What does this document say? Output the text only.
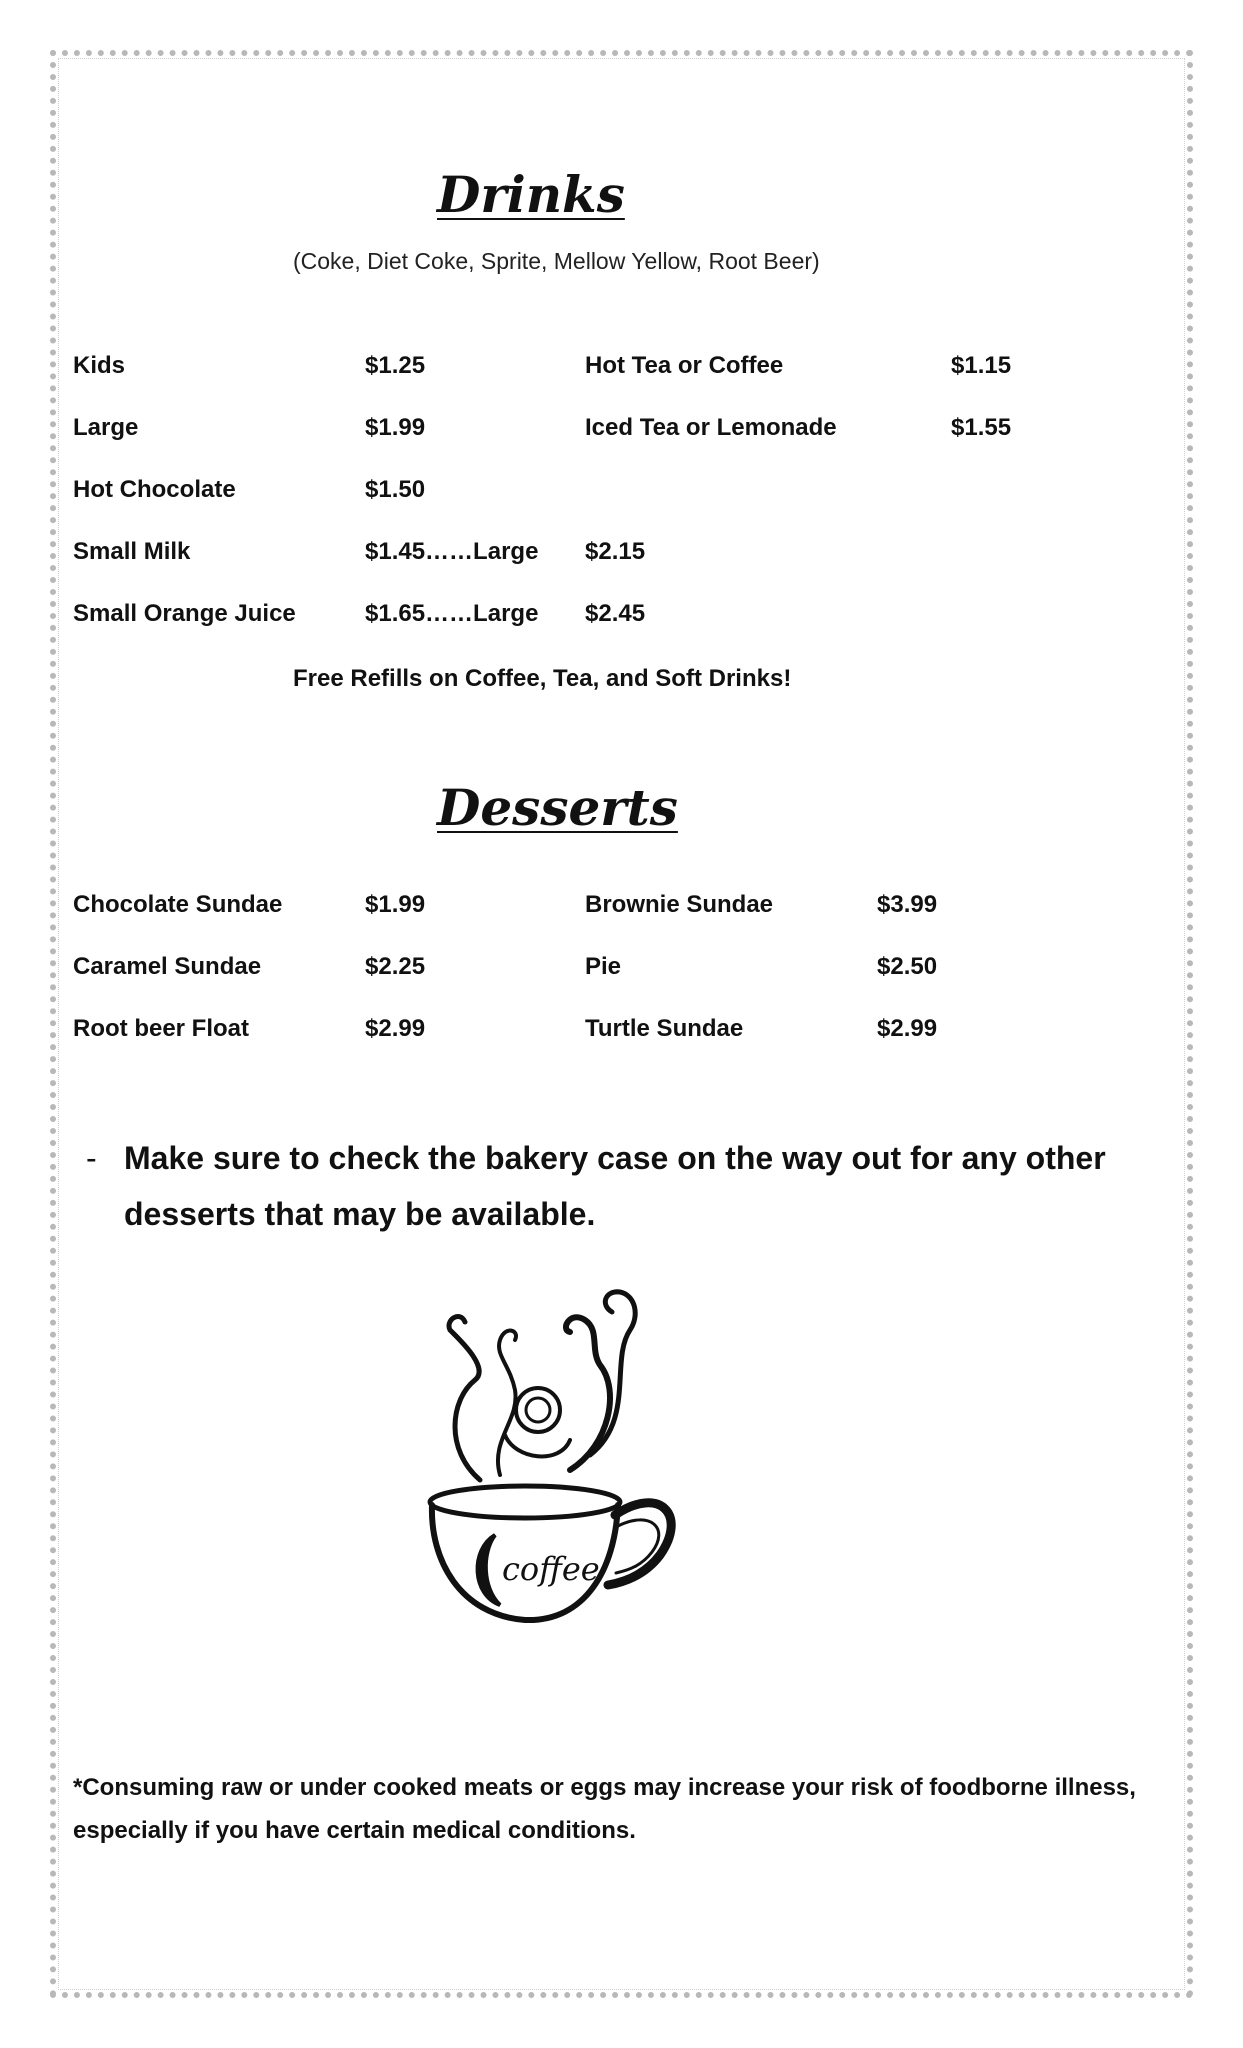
Drinks
(Coke, Diet Coke, Sprite, Mellow Yellow, Root Beer)
Kids	$1.25	Hot Tea or Coffee	$1.15
Large	$1.99	Iced Tea or Lemonade	$1.55
Hot Chocolate	$1.50
Small Milk	$1.45……Large $2.15
Small Orange Juice	$1.65……Large $2.45
Free Refills on Coffee, Tea, and Soft Drinks!
Desserts
Chocolate Sundae	$1.99	Brownie Sundae	$3.99
Caramel Sundae	$2.25	Pie	$2.50
Root beer Float	$2.99	Turtle Sundae	$2.99
- Make sure to check the bakery case on the way out for any other desserts that may be available.
coffee
*Consuming raw or under cooked meats or eggs may increase your risk of foodborne illness, especially if you have certain medical conditions.
